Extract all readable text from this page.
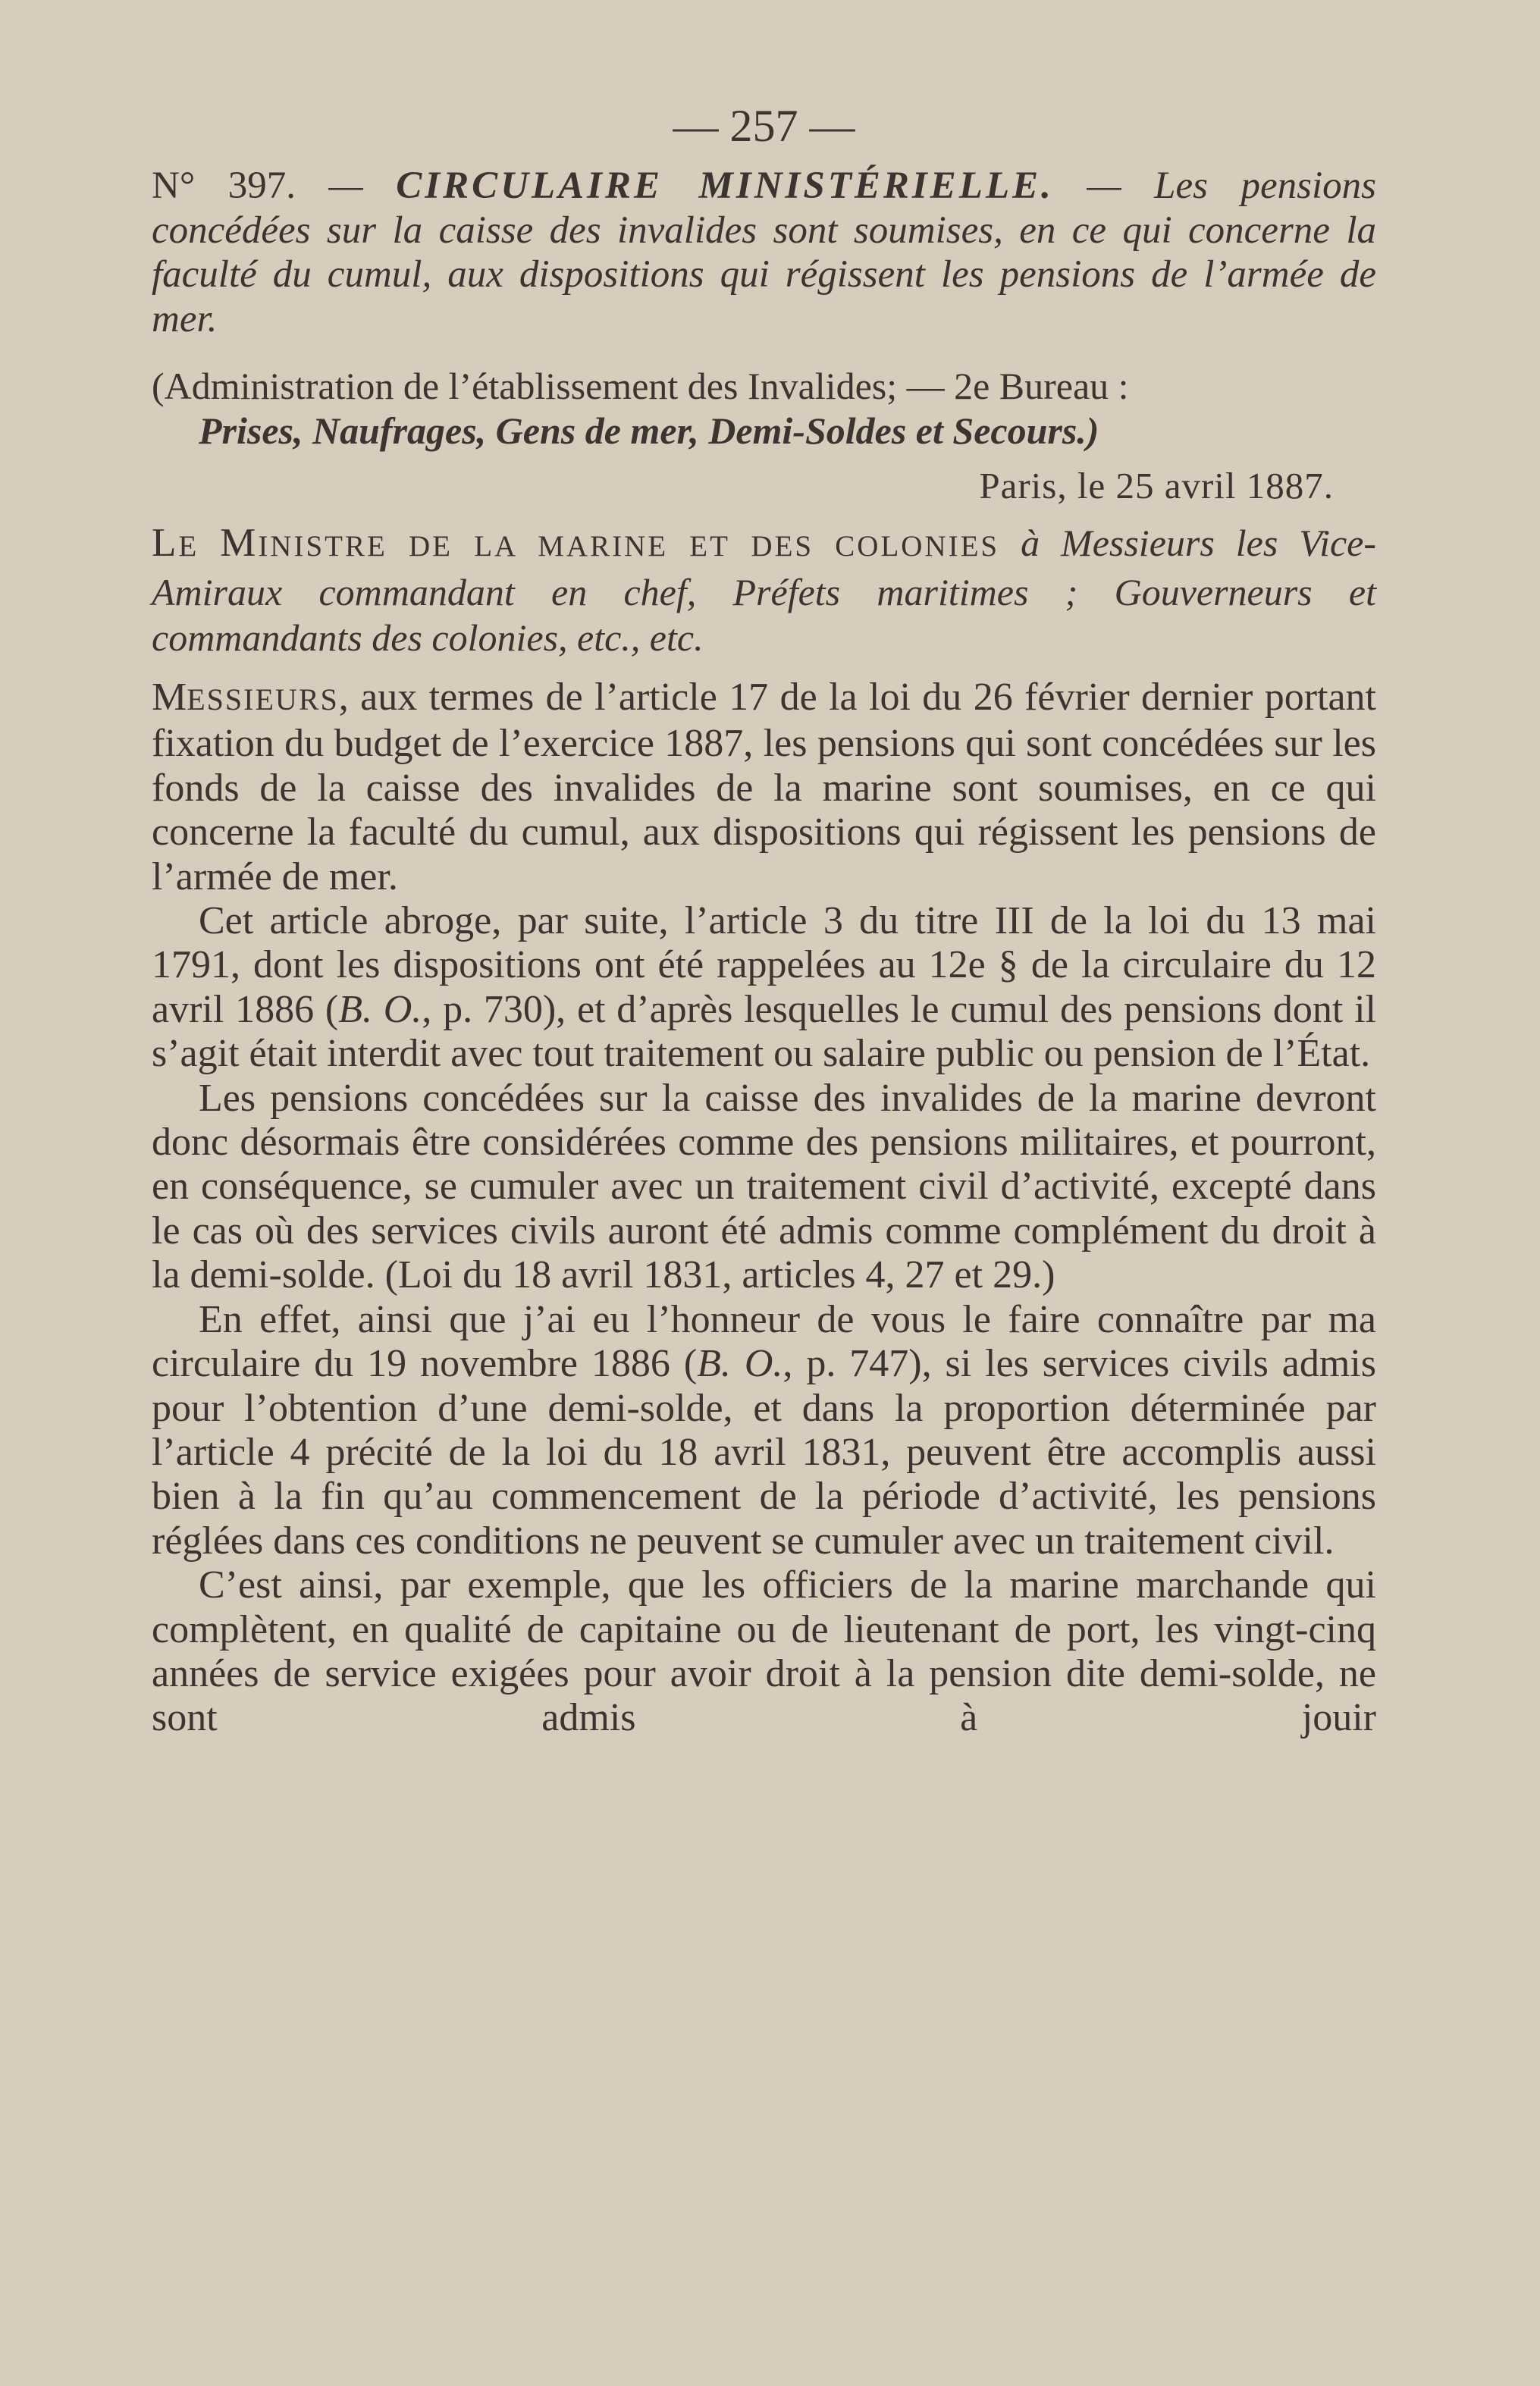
— 257 —

N° 397. — CIRCULAIRE MINISTÉRIELLE. — Les pensions concédées sur la caisse des invalides sont soumises, en ce qui concerne la faculté du cumul, aux dispositions qui régissent les pensions de l’armée de mer.

(Administration de l’établissement des Invalides; — 2e Bureau :
Prises, Naufrages, Gens de mer, Demi-Soldes et Secours.)

Paris, le 25 avril 1887.

LE MINISTRE DE LA MARINE ET DES COLONIES à Messieurs les Vice-Amiraux commandant en chef, Préfets maritimes ; Gouverneurs et commandants des colonies, etc., etc.

MESSIEURS, aux termes de l’article 17 de la loi du 26 février dernier portant fixation du budget de l’exercice 1887, les pensions qui sont concédées sur les fonds de la caisse des invalides de la marine sont soumises, en ce qui concerne la faculté du cumul, aux dispositions qui régissent les pensions de l’armée de mer.

Cet article abroge, par suite, l’article 3 du titre III de la loi du 13 mai 1791, dont les dispositions ont été rappelées au 12e § de la circulaire du 12 avril 1886 (B. O., p. 730), et d’après lesquelles le cumul des pensions dont il s’agit était interdit avec tout traitement ou salaire public ou pension de l’État.

Les pensions concédées sur la caisse des invalides de la marine devront donc désormais être considérées comme des pensions militaires, et pourront, en conséquence, se cumuler avec un traitement civil d’activité, excepté dans le cas où des services civils auront été admis comme complément du droit à la demi-solde. (Loi du 18 avril 1831, articles 4, 27 et 29.)

En effet, ainsi que j’ai eu l’honneur de vous le faire connaître par ma circulaire du 19 novembre 1886 (B. O., p. 747), si les services civils admis pour l’obtention d’une demi-solde, et dans la proportion déterminée par l’article 4 précité de la loi du 18 avril 1831, peuvent être accomplis aussi bien à la fin qu’au commencement de la période d’activité, les pensions réglées dans ces conditions ne peuvent se cumuler avec un traitement civil.

C’est ainsi, par exemple, que les officiers de la marine marchande qui complètent, en qualité de capitaine ou de lieutenant de port, les vingt-cinq années de service exigées pour avoir droit à la pension dite demi-solde, ne sont admis à jouir
